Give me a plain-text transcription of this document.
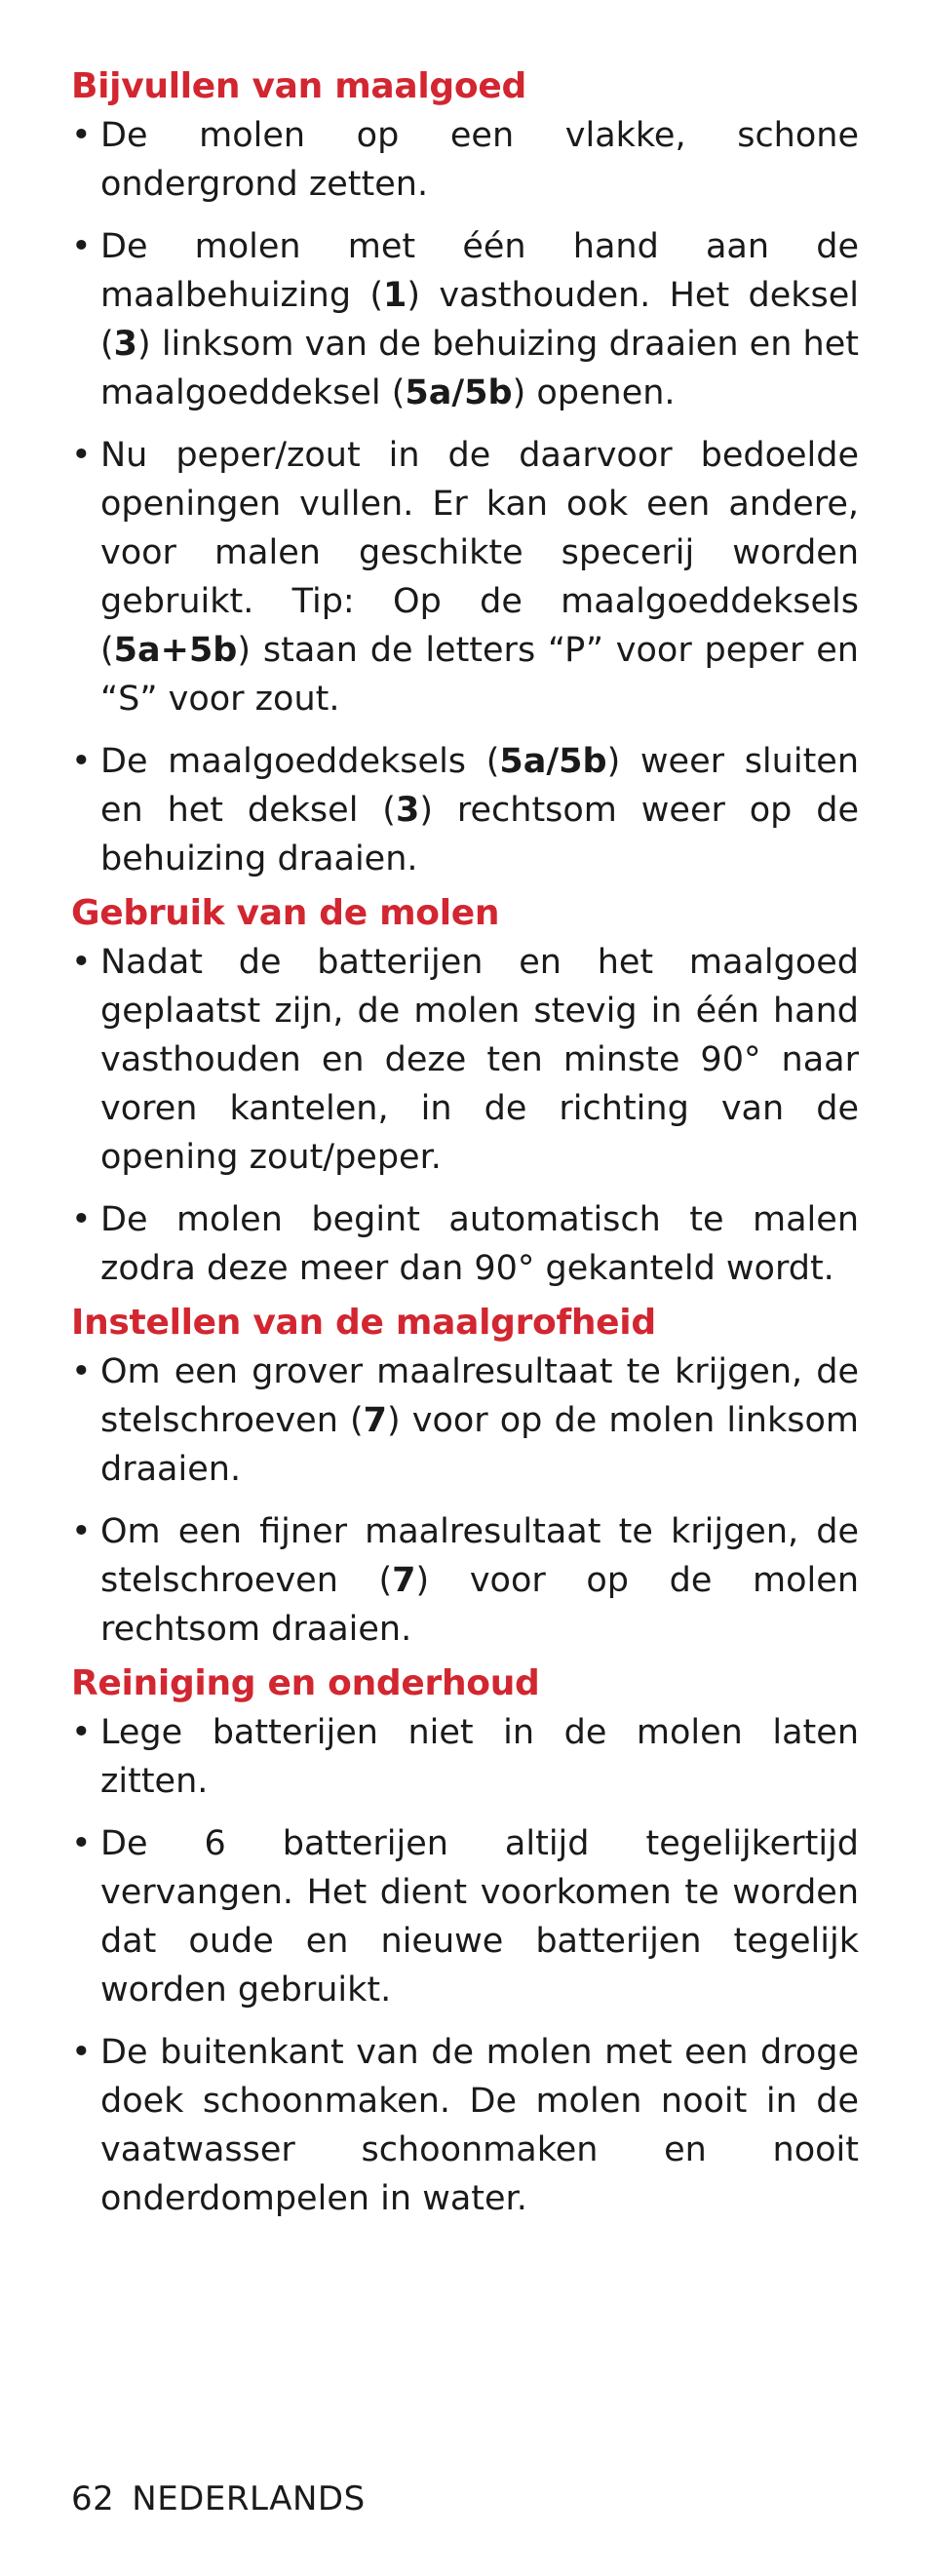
Bijvullen van maalgoed
• De molen op een vlakke, schone ondergrond zetten.
• De molen met één hand aan de maalbehuizing (1) vasthouden. Het deksel (3) linksom van de behuizing draaien en het maalgoeddeksel (5a/5b) openen.
• Nu peper/zout in de daarvoor bedoelde openingen vullen. Er kan ook een andere, voor malen geschikte specerij worden gebruikt. Tip: Op de maalgoeddeksels (5a+5b) staan de letters “P” voor peper en “S” voor zout.
• De maalgoeddeksels (5a/5b) weer sluiten en het deksel (3) rechtsom weer op de behuizing draaien.
Gebruik van de molen
• Nadat de batterijen en het maalgoed geplaatst zijn, de molen stevig in één hand vasthouden en deze ten minste 90° naar voren kantelen, in de richting van de opening zout/peper.
• De molen begint automatisch te malen zodra deze meer dan 90° gekanteld wordt.
Instellen van de maalgrofheid
• Om een grover maalresultaat te krijgen, de stelschroeven (7) voor op de molen linksom draaien.
• Om een fijner maalresultaat te krijgen, de stelschroeven (7) voor op de molen rechtsom draaien.
Reiniging en onderhoud
• Lege batterijen niet in de molen laten zitten.
• De 6 batterijen altijd tegelijkertijd vervangen. Het dient voorkomen te worden dat oude en nieuwe batterijen tegelijk worden gebruikt.
• De buitenkant van de molen met een droge doek schoonmaken. De molen nooit in de vaatwasser schoonmaken en nooit onderdompelen in water.
62 NEDERLANDS
